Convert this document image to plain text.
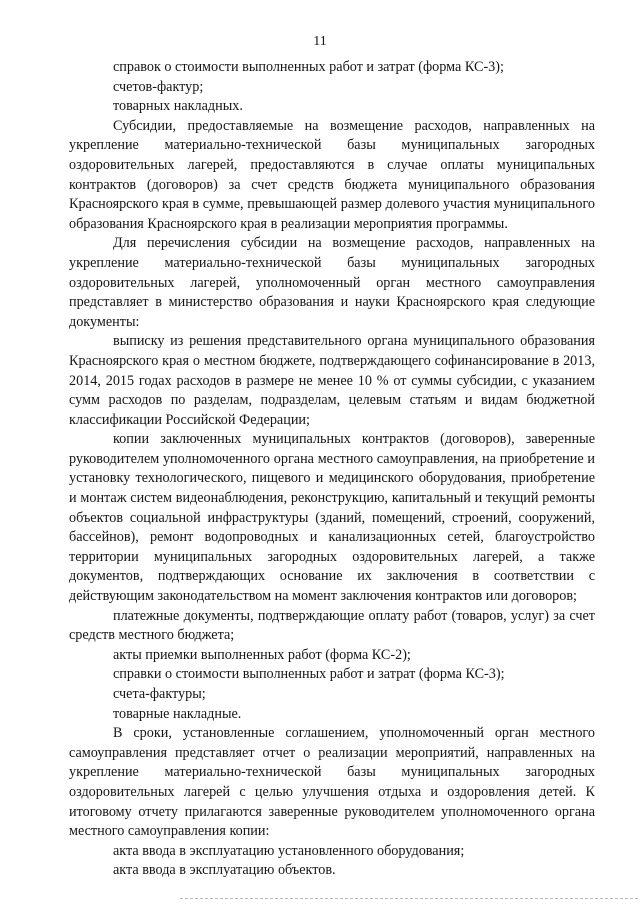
11

справок о стоимости выполненных работ и затрат (форма КС-3);

счетов-фактур;

товарных накладных.

Субсидии, предоставляемые на возмещение расходов, направленных на укрепление материально-технической базы муниципальных загородных оздоровительных лагерей, предоставляются в случае оплаты муниципальных контрактов (договоров) за счет средств бюджета муниципального образования Красноярского края в сумме, превышающей размер долевого участия муниципального образования Красноярского края в реализации мероприятия программы.

Для перечисления субсидии на возмещение расходов, направленных на укрепление материально-технической базы муниципальных загородных оздоровительных лагерей, уполномоченный орган местного самоуправления представляет в министерство образования и науки Красноярского края следующие документы:

выписку из решения представительного органа муниципального образования Красноярского края о местном бюджете, подтверждающего софинансирование в 2013, 2014, 2015 годах расходов в размере не менее 10 % от суммы субсидии, с указанием сумм расходов по разделам, подразделам, целевым статьям и видам бюджетной классификации Российской Федерации;

копии заключенных муниципальных контрактов (договоров), заверенные руководителем уполномоченного органа местного самоуправления, на приобретение и установку технологического, пищевого и медицинского оборудования, приобретение и монтаж систем видеонаблюдения, реконструкцию, капитальный и текущий ремонты объектов социальной инфраструктуры (зданий, помещений, строений, сооружений, бассейнов), ремонт водопроводных и канализационных сетей, благоустройство территории муниципальных загородных оздоровительных лагерей, а также документов, подтверждающих основание их заключения в соответствии с действующим законодательством на момент заключения контрактов или договоров;

платежные документы, подтверждающие оплату работ (товаров, услуг) за счет средств местного бюджета;

акты приемки выполненных работ (форма КС-2);

справки о стоимости выполненных работ и затрат (форма КС-3);

счета-фактуры;

товарные накладные.

В сроки, установленные соглашением, уполномоченный орган местного самоуправления представляет отчет о реализации мероприятий, направленных на укрепление материально-технической базы муниципальных загородных оздоровительных лагерей с целью улучшения отдыха и оздоровления детей. К итоговому отчету прилагаются заверенные руководителем уполномоченного органа местного самоуправления копии:

акта ввода в эксплуатацию установленного оборудования;

акта ввода в эксплуатацию объектов.
